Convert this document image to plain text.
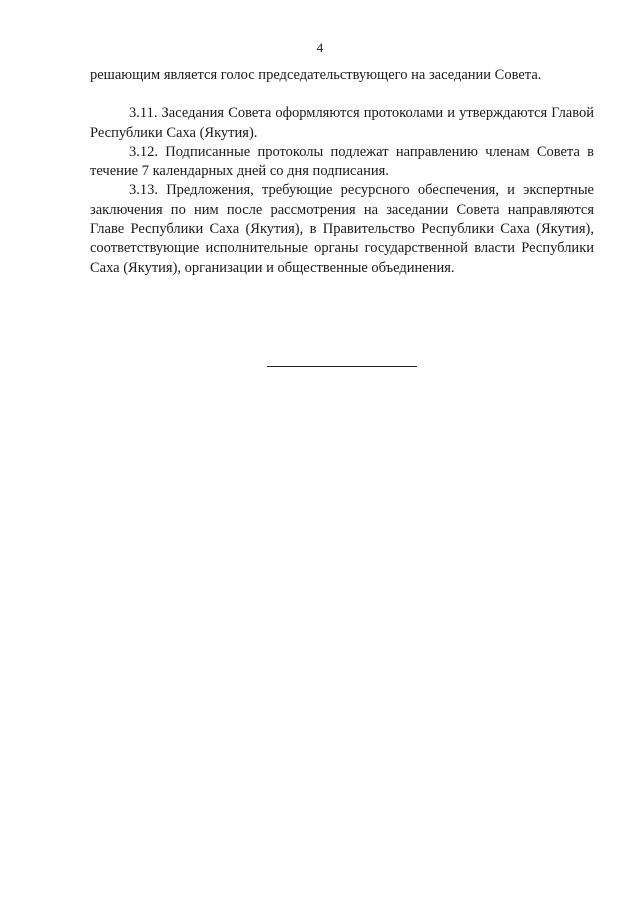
4

решающим является голос председательствующего на заседании Совета.

3.11. Заседания Совета оформляются протоколами и утверждаются Главой Республики Саха (Якутия).

3.12. Подписанные протоколы подлежат направлению членам Совета в течение 7 календарных дней со дня подписания.

3.13. Предложения, требующие ресурсного обеспечения, и экспертные заключения по ним после рассмотрения на заседании Совета направляются Главе Республики Саха (Якутия), в Правительство Республики Саха (Якутия), соответствующие исполнительные органы государственной власти Республики Саха (Якутия), организации и общественные объединения.
